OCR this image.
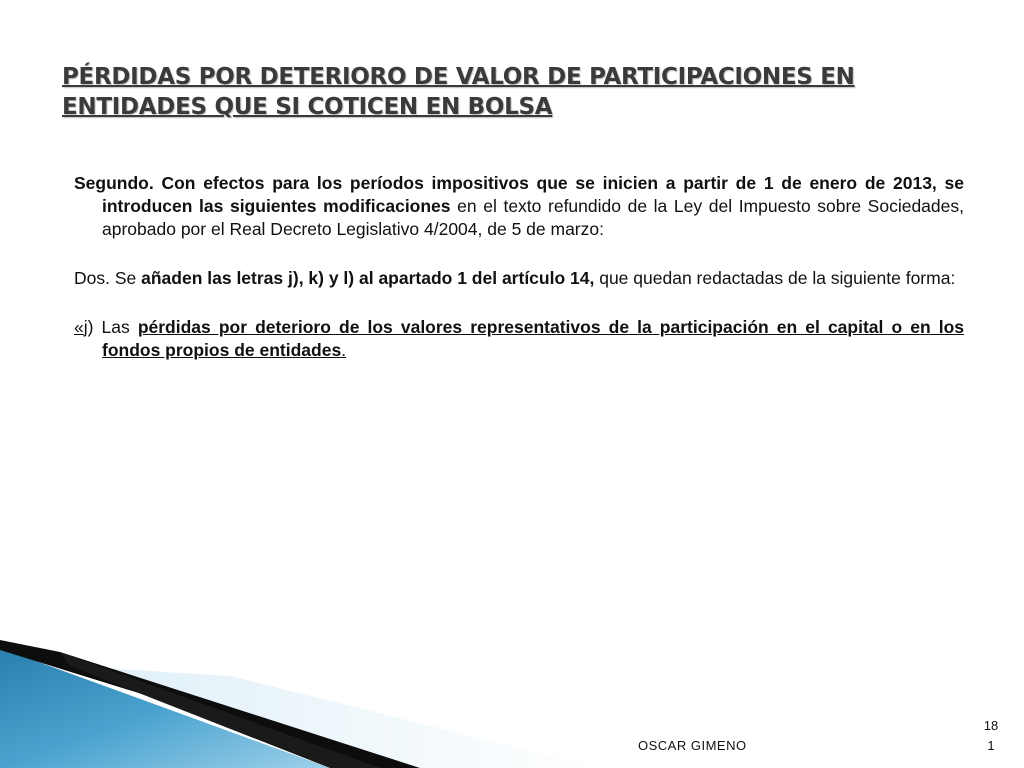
PÉRDIDAS POR DETERIORO DE VALOR DE PARTICIPACIONES EN ENTIDADES QUE SI COTICEN EN BOLSA

Segundo. Con efectos para los períodos impositivos que se inicien a partir de 1 de enero de 2013, se introducen las siguientes modificaciones en el texto refundido de la Ley del Impuesto sobre Sociedades, aprobado por el Real Decreto Legislativo 4/2004, de 5 de marzo:

Dos. Se añaden las letras j), k) y l) al apartado 1 del artículo 14, que quedan redactadas de la siguiente forma:

«j) Las pérdidas por deterioro de los valores representativos de la participación en el capital o en los fondos propios de entidades.

OSCAR GIMENO
18
1
